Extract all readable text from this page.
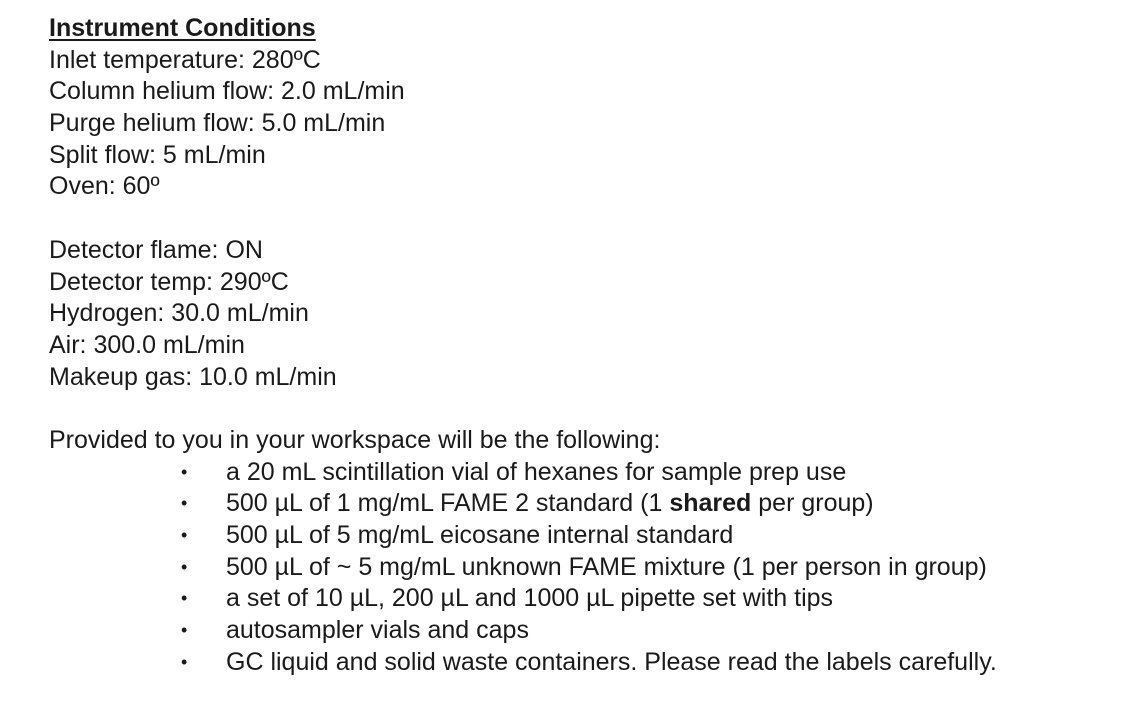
Instrument Conditions
Inlet temperature: 280ºC
Column helium flow: 2.0 mL/min
Purge helium flow: 5.0 mL/min
Split flow: 5 mL/min
Oven: 60º
Detector flame: ON
Detector temp: 290ºC
Hydrogen: 30.0 mL/min
Air: 300.0 mL/min
Makeup gas: 10.0 mL/min
Provided to you in your workspace will be the following:
• a 20 mL scintillation vial of hexanes for sample prep use
• 500 µL of 1 mg/mL FAME 2 standard (1 shared per group)
• 500 µL of 5 mg/mL eicosane internal standard
• 500 µL of ~ 5 mg/mL unknown FAME mixture (1 per person in group)
• a set of 10 µL, 200 µL and 1000 µL pipette set with tips
• autosampler vials and caps
• GC liquid and solid waste containers. Please read the labels carefully.
